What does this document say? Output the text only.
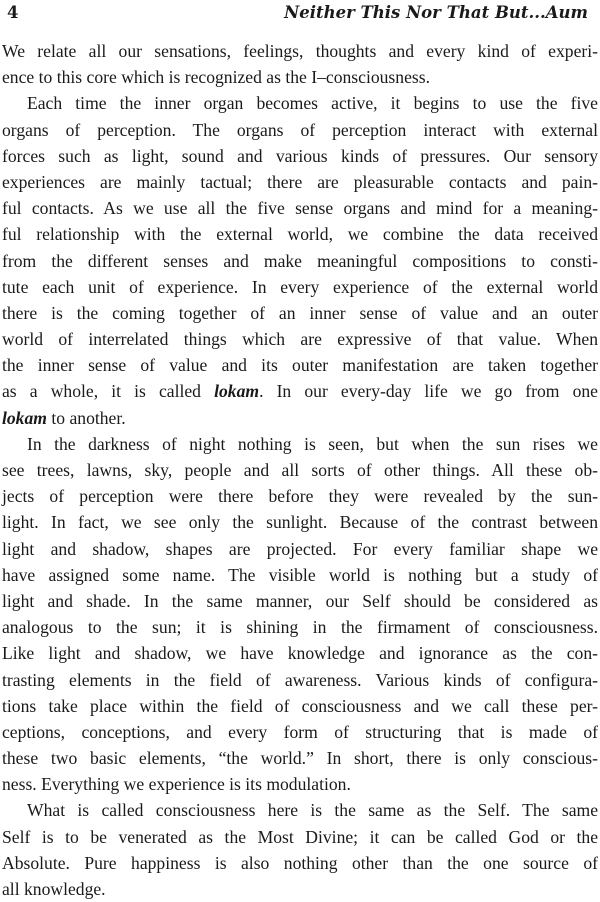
4	Neither This Nor That But...Aum
We relate all our sensations, feelings, thoughts and every kind of experi-
ence to this core which is recognized as the I–consciousness.
Each time the inner organ becomes active, it begins to use the five
organs of perception. The organs of perception interact with external
forces such as light, sound and various kinds of pressures. Our sensory
experiences are mainly tactual; there are pleasurable contacts and pain-
ful contacts. As we use all the five sense organs and mind for a meaning-
ful relationship with the external world, we combine the data received
from the different senses and make meaningful compositions to consti-
tute each unit of experience. In every experience of the external world
there is the coming together of an inner sense of value and an outer
world of interrelated things which are expressive of that value. When
the inner sense of value and its outer manifestation are taken together
as a whole, it is called lokam. In our every-day life we go from one
lokam to another.
In the darkness of night nothing is seen, but when the sun rises we
see trees, lawns, sky, people and all sorts of other things. All these ob-
jects of perception were there before they were revealed by the sun-
light. In fact, we see only the sunlight. Because of the contrast between
light and shadow, shapes are projected. For every familiar shape we
have assigned some name. The visible world is nothing but a study of
light and shade. In the same manner, our Self should be considered as
analogous to the sun; it is shining in the firmament of consciousness.
Like light and shadow, we have knowledge and ignorance as the con-
trasting elements in the field of awareness. Various kinds of configura-
tions take place within the field of consciousness and we call these per-
ceptions, conceptions, and every form of structuring that is made of
these two basic elements, “the world.” In short, there is only conscious-
ness. Everything we experience is its modulation.
What is called consciousness here is the same as the Self. The same
Self is to be venerated as the Most Divine; it can be called God or the
Absolute. Pure happiness is also nothing other than the one source of
all knowledge.
